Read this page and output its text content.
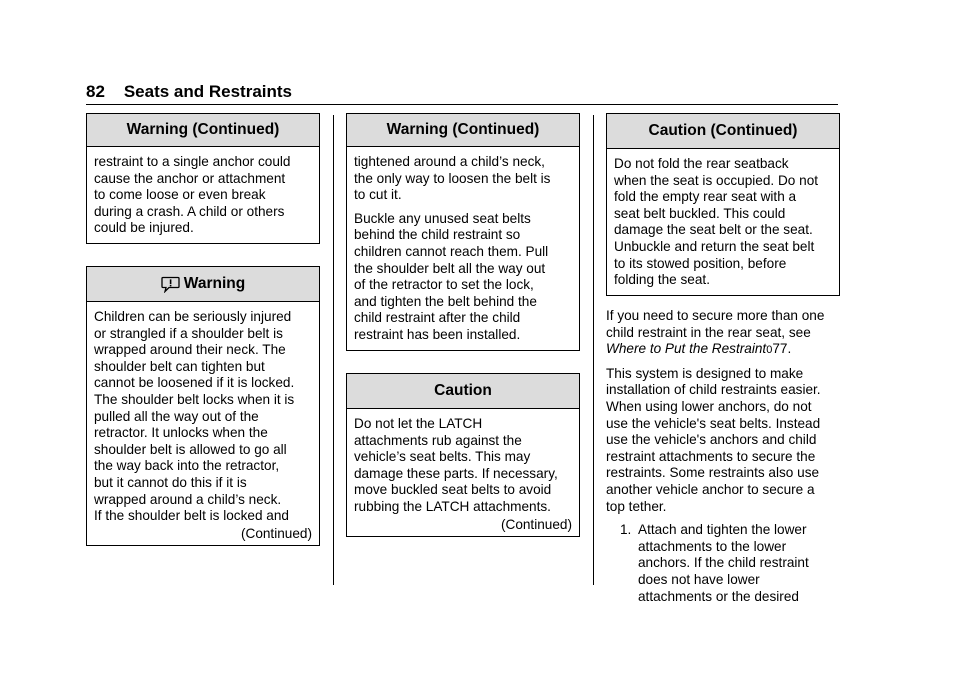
82 Seats and Restraints
Warning (Continued)
restraint to a single anchor could
cause the anchor or attachment
to come loose or even break
during a crash. A child or others
could be injured.
Warning
Children can be seriously injured
or strangled if a shoulder belt is
wrapped around their neck. The
shoulder belt can tighten but
cannot be loosened if it is locked.
The shoulder belt locks when it is
pulled all the way out of the
retractor. It unlocks when the
shoulder belt is allowed to go all
the way back into the retractor,
but it cannot do this if it is
wrapped around a child’s neck.
If the shoulder belt is locked and
(Continued)
Warning (Continued)

tightened around a child’s neck,
the only way to loosen the belt is
to cut it.

Buckle any unused seat belts
behind the child restraint so
children cannot reach them. Pull
the shoulder belt all the way out
of the retractor to set the lock,
and tighten the belt behind the
child restraint after the child
restraint has been installed.

Caution
Do not let the LATCH
attachments rub against the
vehicle’s seat belts. This may
damage these parts. If necessary,
move buckled seat belts to avoid
rubbing the LATCH attachments.
(Continued)
Caution (Continued)
Do not fold the rear seatback
when the seat is occupied. Do not
fold the empty rear seat with a
seat belt buckled. This could
damage the seat belt or the seat.
Unbuckle and return the seat belt
to its stowed position, before
folding the seat.

If you need to secure more than one
child restraint in the rear seat, see
Where to Put the Restraint077.

This system is designed to make
installation of child restraints easier.
When using lower anchors, do not
use the vehicle's seat belts. Instead
use the vehicle's anchors and child
restraint attachments to secure the
restraints. Some restraints also use
another vehicle anchor to secure a
top tether.

1. Attach and tighten the lower
attachments to the lower
anchors. If the child restraint
does not have lower
attachments or the desired
